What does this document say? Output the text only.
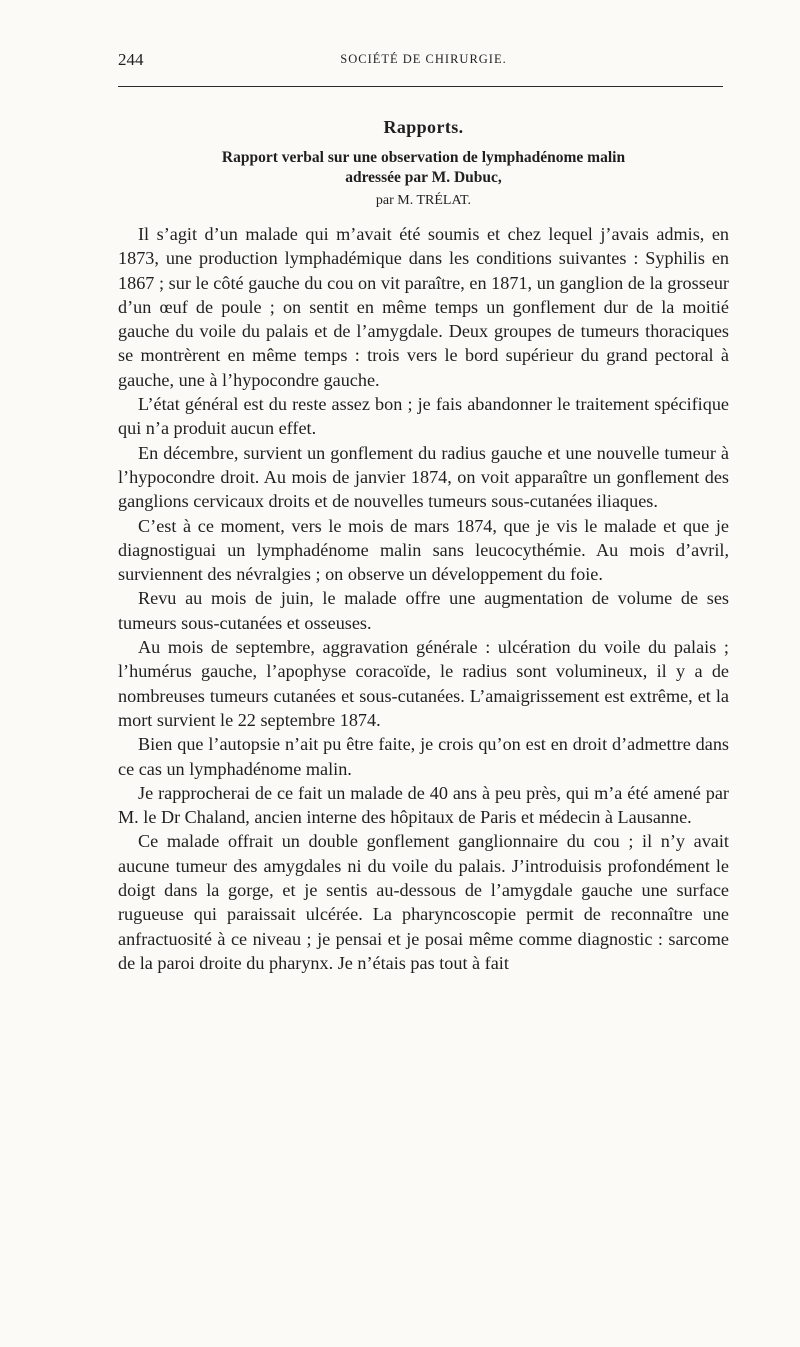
244	SOCIÉTÉ DE CHIRURGIE.
Rapports.
Rapport verbal sur une observation de lymphadénome malin
adressée par M. Dubuc,
par M. TRÉLAT.

Il s’agit d’un malade qui m’avait été soumis et chez lequel j’avais admis, en 1873, une production lymphadémique dans les conditions suivantes : Syphilis en 1867 ; sur le côté gauche du cou on vit paraître, en 1871, un ganglion de la grosseur d’un œuf de poule ; on sentit en même temps un gonflement dur de la moitié gauche du voile du palais et de l’amygdale. Deux groupes de tumeurs thoraciques se montrèrent en même temps : trois vers le bord supérieur du grand pectoral à gauche, une à l’hypocondre gauche.

L’état général est du reste assez bon ; je fais abandonner le traitement spécifique qui n’a produit aucun effet.

En décembre, survient un gonflement du radius gauche et une nouvelle tumeur à l’hypocondre droit. Au mois de janvier 1874, on voit apparaître un gonflement des ganglions cervicaux droits et de nouvelles tumeurs sous-cutanées iliaques.

C’est à ce moment, vers le mois de mars 1874, que je vis le malade et que je diagnostiguai un lymphadénome malin sans leucocythémie. Au mois d’avril, surviennent des névralgies ; on observe un développement du foie.

Revu au mois de juin, le malade offre une augmentation de volume de ses tumeurs sous-cutanées et osseuses.

Au mois de septembre, aggravation générale : ulcération du voile du palais ; l’humérus gauche, l’apophyse coracoïde, le radius sont volumineux, il y a de nombreuses tumeurs cutanées et sous-cutanées. L’amaigrissement est extrême, et la mort survient le 22 septembre 1874.

Bien que l’autopsie n’ait pu être faite, je crois qu’on est en droit d’admettre dans ce cas un lymphadénome malin.

Je rapprocherai de ce fait un malade de 40 ans à peu près, qui m’a été amené par M. le Dr Chaland, ancien interne des hôpitaux de Paris et médecin à Lausanne.

Ce malade offrait un double gonflement ganglionnaire du cou ; il n’y avait aucune tumeur des amygdales ni du voile du palais. J’introduisis profondément le doigt dans la gorge, et je sentis au-dessous de l’amygdale gauche une surface rugueuse qui paraissait ulcérée. La pharyncoscopie permit de reconnaître une anfractuosité à ce niveau ; je pensai et je posai même comme diagnostic : sarcome de la paroi droite du pharynx. Je n’étais pas tout à fait
